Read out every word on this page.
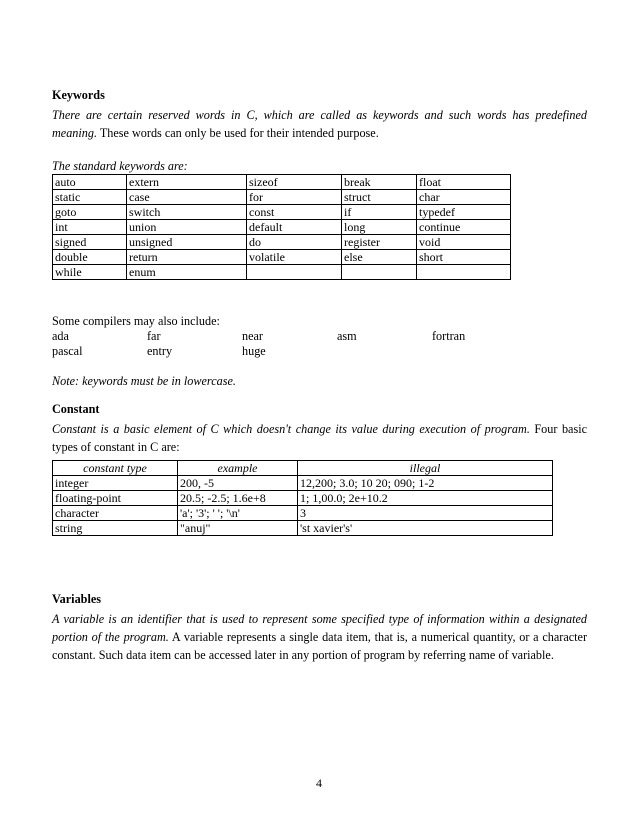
Keywords

There are certain reserved words in C, which are called as keywords and such words has predefined meaning. These words can only be used for their intended purpose.

The standard keywords are:

auto	extern	sizeof	break	float
static	case	for	struct	char
goto	switch	const	if	typedef
int	union	default	long	continue
signed	unsigned	do	register	void
double	return	volatile	else	short
while	enum			

Some compilers may also include:

ada	far	near	asm	fortran
pascal	entry	huge

Note: keywords must be in lowercase.

Constant

Constant is a basic element of C which doesn't change its value during execution of program. Four basic types of constant in C are:

constant type	example	illegal
integer	200, -5	12,200; 3.0; 10 20; 090; 1-2
floating-point	20.5; -2.5; 1.6e+8	1; 1,00.0; 2e+10.2
character	'a'; '3'; ' '; '\n'	3
string	"anuj"	'st xavier's'

Variables

A variable is an identifier that is used to represent some specified type of information within a designated portion of the program. A variable represents a single data item, that is, a numerical quantity, or a character constant. Such data item can be accessed later in any portion of program by referring name of variable.

4
